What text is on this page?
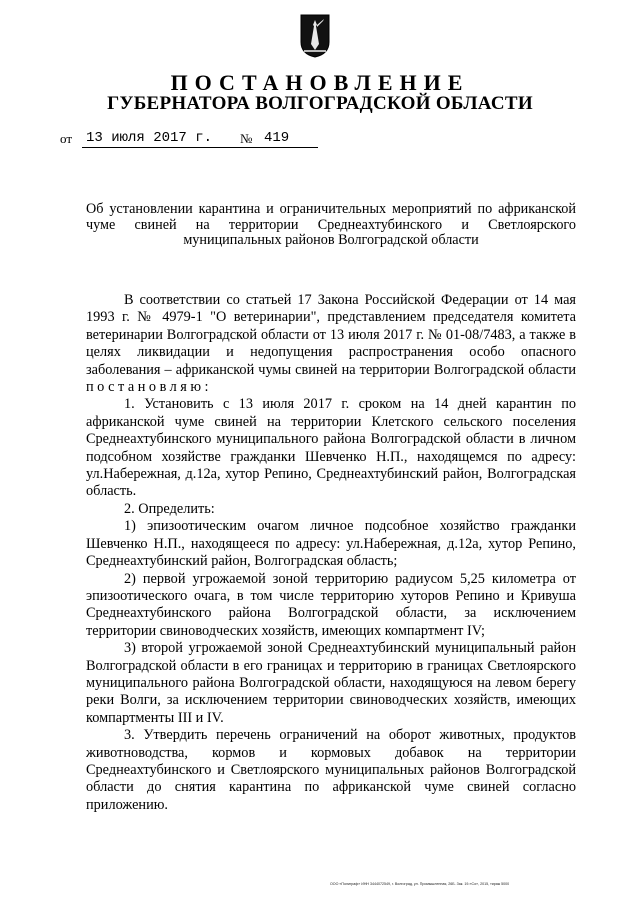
ПОСТАНОВЛЕНИЕ
ГУБЕРНАТОРА ВОЛГОГРАДСКОЙ ОБЛАСТИ
от 13 июля 2017 г. № 419
Об установлении карантина и ограничительных мероприятий по африканской чуме свиней на территории Среднеахтубинского и Светлоярского муниципальных районов Волгоградской области

В соответствии со статьей 17 Закона Российской Федерации от 14 мая 1993 г. № 4979-1 "О ветеринарии", представлением председателя комитета ветеринарии Волгоградской области от 13 июля 2017 г. № 01-08/7483, а также в целях ликвидации и недопущения распространения особо опасного заболевания – африканской чумы свиней на территории Волгоградской области постановляю:

1. Установить с 13 июля 2017 г. сроком на 14 дней карантин по африканской чуме свиней на территории Клетского сельского поселения Среднеахтубинского муниципального района Волгоградской области в личном подсобном хозяйстве гражданки Шевченко Н.П., находящемся по адресу: ул.Набережная, д.12а, хутор Репино, Среднеахтубинский район, Волгоградская область.

2. Определить:

1) эпизоотическим очагом личное подсобное хозяйство гражданки Шевченко Н.П., находящееся по адресу: ул.Набережная, д.12а, хутор Репино, Среднеахтубинский район, Волгоградская область;

2) первой угрожаемой зоной территорию радиусом 5,25 километра от эпизоотического очага, в том числе территорию хуторов Репино и Кривуша Среднеахтубинского района Волгоградской области, за исключением территории свиноводческих хозяйств, имеющих компартмент IV;

3) второй угрожаемой зоной Среднеахтубинский муниципальный район Волгоградской области в его границах и территорию в границах Светлоярского муниципального района Волгоградской области, находящуюся на левом берегу реки Волги, за исключением территории свиноводческих хозяйств, имеющих компартменты III и IV.

3. Утвердить перечень ограничений на оборот животных, продуктов животноводства, кормов и кормовых добавок на территории Среднеахтубинского и Светлоярского муниципальных районов Волгоградской области до снятия карантина по африканской чуме свиней согласно приложению.

ООО «Полиграф» ИНН 3444072549, г. Волгоград, ул. Промышленная, 26Б. Зак. 19-«Со», 2015, тираж 5000
